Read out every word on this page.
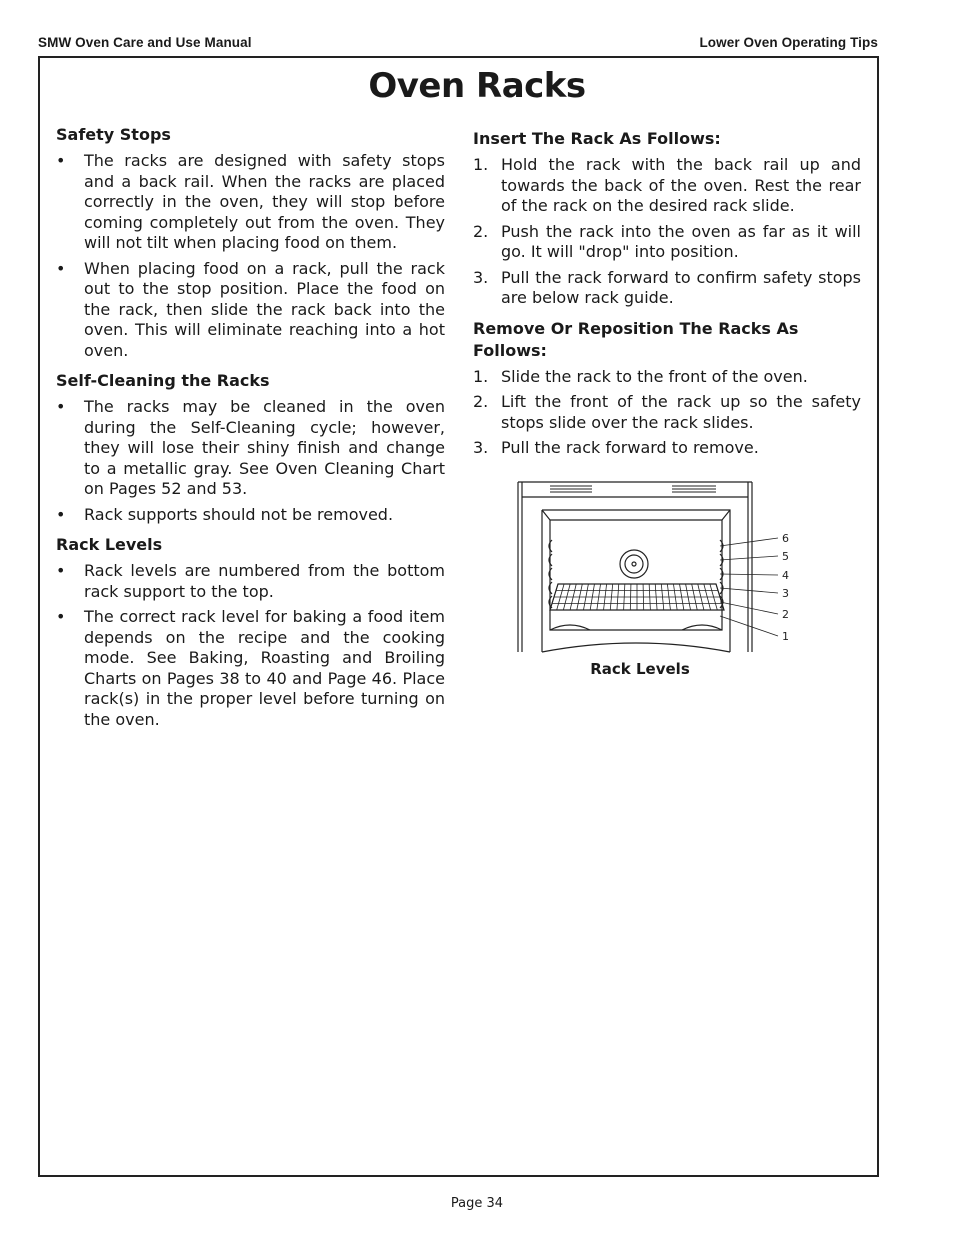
SMW Oven Care and Use Manual	Lower Oven Operating Tips
Oven Racks
Safety Stops
• The racks are designed with safety stops and a back rail. When the racks are placed correctly in the oven, they will stop before coming completely out from the oven. They will not tilt when placing food on them.
• When placing food on a rack, pull the rack out to the stop position. Place the food on the rack, then slide the rack back into the oven. This will eliminate reaching into a hot oven.
Self-Cleaning the Racks
• The racks may be cleaned in the oven during the Self-Cleaning cycle; however, they will lose their shiny finish and change to a metallic gray. See Oven Cleaning Chart on Pages 52 and 53.
• Rack supports should not be removed.
Rack Levels
• Rack levels are numbered from the bottom rack support to the top.
• The correct rack level for baking a food item depends on the recipe and the cooking mode. See Baking, Roasting and Broiling Charts on Pages 38 to 40 and Page 46. Place rack(s) in the proper level before turning on the oven.
Insert The Rack As Follows:
1. Hold the rack with the back rail up and towards the back of the oven. Rest the rear of the rack on the desired rack slide.
2. Push the rack into the oven as far as it will go. It will "drop" into position.
3. Pull the rack forward to confirm safety stops are below rack guide.
Remove Or Reposition The Racks As Follows:
1. Slide the rack to the front of the oven.
2. Lift the front of the rack up so the safety stops slide over the rack slides.
3. Pull the rack forward to remove.
6
5
4
3
2
1
Rack Levels
Page 34
